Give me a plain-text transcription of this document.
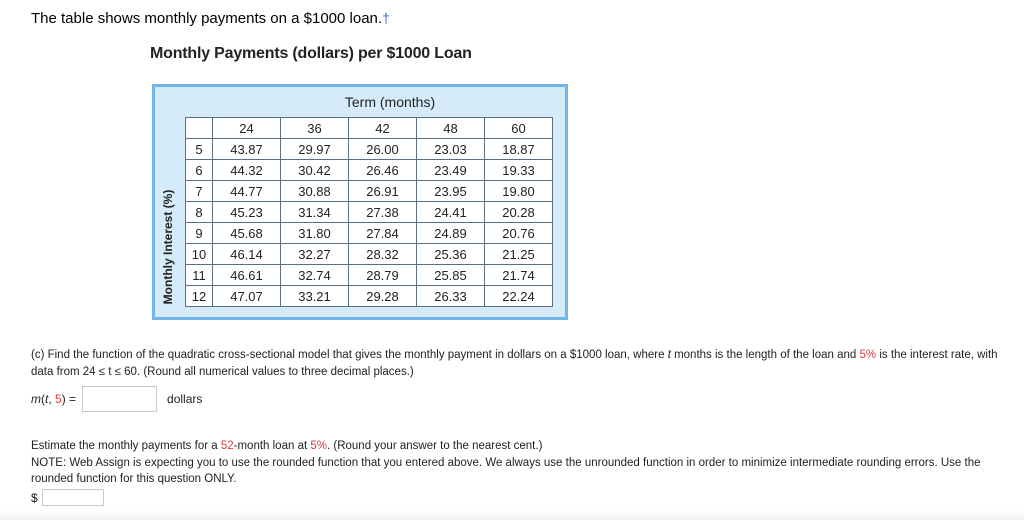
The table shows monthly payments on a $1000 loan.†
Monthly Payments (dollars) per $1000 Loan
Term (months)
Monthly Interest (%)
	24	36	42	48	60
5	43.87	29.97	26.00	23.03	18.87
6	44.32	30.42	26.46	23.49	19.33
7	44.77	30.88	26.91	23.95	19.80
8	45.23	31.34	27.38	24.41	20.28
9	45.68	31.80	27.84	24.89	20.76
10	46.14	32.27	28.32	25.36	21.25
11	46.61	32.74	28.79	25.85	21.74
12	47.07	33.21	29.28	26.33	22.24
(c) Find the function of the quadratic cross-sectional model that gives the monthly payment in dollars on a $1000 loan, where t months is the length of the loan and 5% is the interest rate, with data from 24 ≤ t ≤ 60. (Round all numerical values to three decimal places.)
m(t, 5) =	dollars
Estimate the monthly payments for a 52-month loan at 5%. (Round your answer to the nearest cent.)
NOTE: Web Assign is expecting you to use the rounded function that you entered above. We always use the unrounded function in order to minimize intermediate rounding errors. Use the rounded function for this question ONLY.
$
